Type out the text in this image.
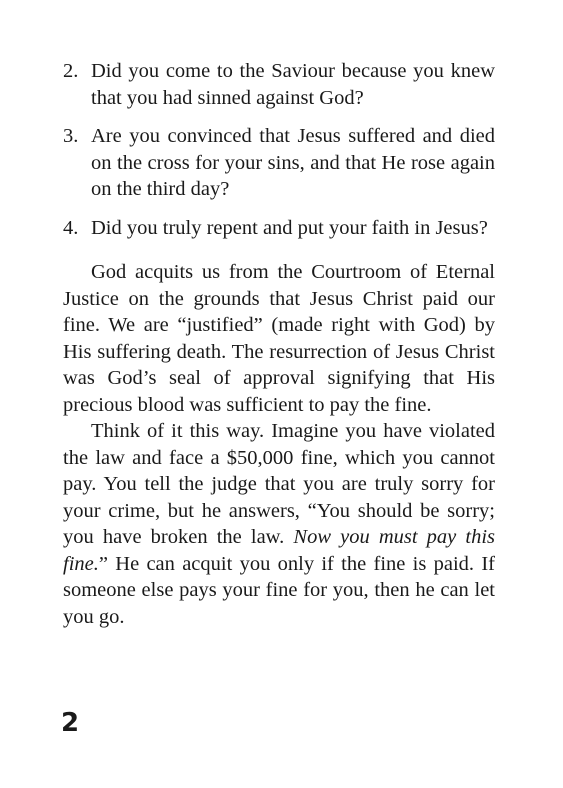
2. Did you come to the Saviour because you knew that you had sinned against God?
3. Are you convinced that Jesus suffered and died on the cross for your sins, and that He rose again on the third day?
4. Did you truly repent and put your faith in Jesus?

God acquits us from the Courtroom of Eternal Justice on the grounds that Jesus Christ paid our fine. We are “justified” (made right with God) by His suffering death. The resurrection of Jesus Christ was God’s seal of approval signifying that His precious blood was sufficient to pay the fine.

Think of it this way. Imagine you have violated the law and face a $50,000 fine, which you cannot pay. You tell the judge that you are truly sorry for your crime, but he answers, “You should be sorry; you have broken the law. Now you must pay this fine.” He can acquit you only if the fine is paid. If someone else pays your fine for you, then he can let you go.

2
